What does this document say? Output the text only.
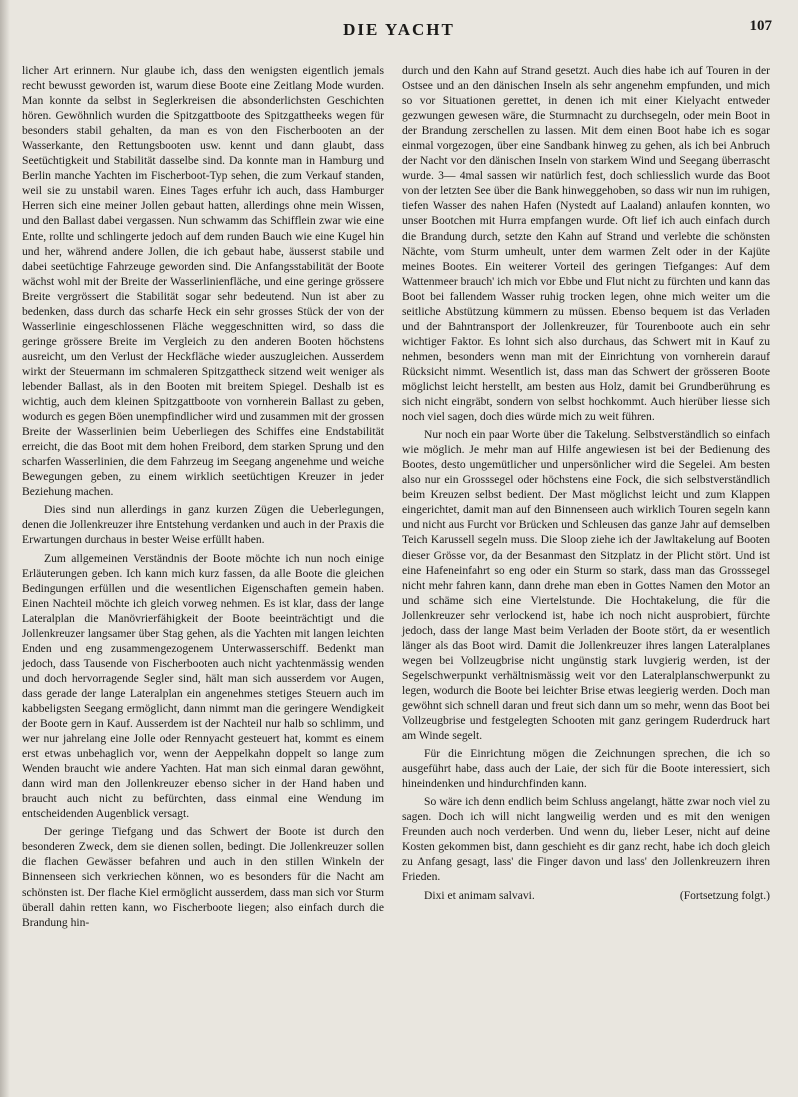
DIE YACHT	107

licher Art erinnern. Nur glaube ich, dass den wenigsten eigentlich jemals recht bewusst geworden ist, warum diese Boote eine Zeitlang Mode wurden. Man konnte da selbst in Seglerkreisen die absonderlichsten Geschichten hören. Gewöhnlich wurden die Spitzgattboote des Spitzgattheeks wegen für besonders stabil gehalten, da man es von den Fischerbooten an der Wasserkante, den Rettungsbooten usw. kennt und dann glaubt, dass Seetüchtigkeit und Stabilität dasselbe sind. Da konnte man in Hamburg und Berlin manche Yachten im Fischerboot-Typ sehen, die zum Verkauf standen, weil sie zu unstabil waren. Eines Tages erfuhr ich auch, dass Hamburger Herren sich eine meiner Jollen gebaut hatten, allerdings ohne mein Wissen, und den Ballast dabei vergassen. Nun schwamm das Schifflein zwar wie eine Ente, rollte und schlingerte jedoch auf dem runden Bauch wie eine Kugel hin und her, während andere Jollen, die ich gebaut habe, äusserst stabile und dabei seetüchtige Fahrzeuge geworden sind. Die Anfangsstabilität der Boote wächst wohl mit der Breite der Wasserlinienfläche, und eine geringe grössere Breite vergrössert die Stabilität sogar sehr bedeutend. Nun ist aber zu bedenken, dass durch das scharfe Heck ein sehr grosses Stück der von der Wasserlinie eingeschlossenen Fläche weggeschnitten wird, so dass die geringe grössere Breite im Vergleich zu den anderen Booten höchstens ausreicht, um den Verlust der Heckfläche wieder auszugleichen. Ausserdem wirkt der Steuermann im schmaleren Spitzgattheck sitzend weit weniger als lebender Ballast, als in den Booten mit breitem Spiegel. Deshalb ist es wichtig, auch dem kleinen Spitzgattboote von vornherein Ballast zu geben, wodurch es gegen Böen unempfindlicher wird und zusammen mit der grossen Breite der Wasserlinien beim Ueberliegen des Schiffes eine Endstabilität erreicht, die das Boot mit dem hohen Freibord, dem starken Sprung und den scharfen Wasserlinien, die dem Fahrzeug im Seegang angenehme und weiche Bewegungen geben, zu einem wirklich seetüchtigen Kreuzer in jeder Beziehung machen.

Dies sind nun allerdings in ganz kurzen Zügen die Ueberlegungen, denen die Jollenkreuzer ihre Entstehung verdanken und auch in der Praxis die Erwartungen durchaus in bester Weise erfüllt haben.

Zum allgemeinen Verständnis der Boote möchte ich nun noch einige Erläuterungen geben. Ich kann mich kurz fassen, da alle Boote die gleichen Bedingungen erfüllen und die wesentlichen Eigenschaften gemein haben. Einen Nachteil möchte ich gleich vorweg nehmen. Es ist klar, dass der lange Lateralplan die Manövrierfähigkeit der Boote beeinträchtigt und die Jollenkreuzer langsamer über Stag gehen, als die Yachten mit langen leichten Enden und eng zusammengezogenem Unterwasserschiff. Bedenkt man jedoch, dass Tausende von Fischerbooten auch nicht yachtenmässig wenden und doch hervorragende Segler sind, hält man sich ausserdem vor Augen, dass gerade der lange Lateralplan ein angenehmes stetiges Steuern auch im kabbeligsten Seegang ermöglicht, dann nimmt man die geringere Wendigkeit der Boote gern in Kauf. Ausserdem ist der Nachteil nur halb so schlimm, und wer nur jahrelang eine Jolle oder Rennyacht gesteuert hat, kommt es einem erst etwas unbehaglich vor, wenn der Aeppelkahn doppelt so lange zum Wenden braucht wie andere Yachten. Hat man sich einmal daran gewöhnt, dann wird man den Jollenkreuzer ebenso sicher in der Hand haben und braucht auch nicht zu befürchten, dass einmal eine Wendung im entscheidenden Augenblick versagt.

Der geringe Tiefgang und das Schwert der Boote ist durch den besonderen Zweck, dem sie dienen sollen, bedingt. Die Jollenkreuzer sollen die flachen Gewässer befahren und auch in den stillen Winkeln der Binnenseen sich verkriechen können, wo es besonders für die Nacht am schönsten ist. Der flache Kiel ermöglicht ausserdem, dass man sich vor Sturm überall dahin retten kann, wo Fischerboote liegen; also einfach durch die Brandung hin-

durch und den Kahn auf Strand gesetzt. Auch dies habe ich auf Touren in der Ostsee und an den dänischen Inseln als sehr angenehm empfunden, und mich so vor Situationen gerettet, in denen ich mit einer Kielyacht entweder gezwungen gewesen wäre, die Sturmnacht zu durchsegeln, oder mein Boot in der Brandung zerschellen zu lassen. Mit dem einen Boot habe ich es sogar einmal vorgezogen, über eine Sandbank hinweg zu gehen, als ich bei Anbruch der Nacht vor den dänischen Inseln von starkem Wind und Seegang überrascht wurde. 3— 4mal sassen wir natürlich fest, doch schliesslich wurde das Boot von der letzten See über die Bank hinweggehoben, so dass wir nun im ruhigen, tiefen Wasser des nahen Hafen (Nystedt auf Laaland) anlaufen konnten, wo unser Bootchen mit Hurra empfangen wurde. Oft lief ich auch einfach durch die Brandung durch, setzte den Kahn auf Strand und verlebte die schönsten Nächte, vom Sturm umheult, unter dem warmen Zelt oder in der Kajüte meines Bootes. Ein weiterer Vorteil des geringen Tiefganges: Auf dem Wattenmeer brauch' ich mich vor Ebbe und Flut nicht zu fürchten und kann das Boot bei fallendem Wasser ruhig trocken legen, ohne mich weiter um die seitliche Abstützung kümmern zu müssen. Ebenso bequem ist das Verladen und der Bahntransport der Jollenkreuzer, für Tourenboote auch ein sehr wichtiger Faktor. Es lohnt sich also durchaus, das Schwert mit in Kauf zu nehmen, besonders wenn man mit der Einrichtung von vornherein darauf Rücksicht nimmt. Wesentlich ist, dass man das Schwert der grösseren Boote möglichst leicht herstellt, am besten aus Holz, damit bei Grundberührung es sich nicht eingräbt, sondern von selbst hochkommt. Auch hierüber liesse sich noch viel sagen, doch dies würde mich zu weit führen.

Nur noch ein paar Worte über die Takelung. Selbstverständlich so einfach wie möglich. Je mehr man auf Hilfe angewiesen ist bei der Bedienung des Bootes, desto ungemütlicher und unpersönlicher wird die Segelei. Am besten also nur ein Grosssegel oder höchstens eine Fock, die sich selbstverständlich beim Kreuzen selbst bedient. Der Mast möglichst leicht und zum Klappen eingerichtet, damit man auf den Binnenseen auch wirklich Touren segeln kann und nicht aus Furcht vor Brücken und Schleusen das ganze Jahr auf demselben Teich Karussell segeln muss. Die Sloop ziehe ich der Jawltakelung auf Booten dieser Grösse vor, da der Besanmast den Sitzplatz in der Plicht stört. Und ist eine Hafeneinfahrt so eng oder ein Sturm so stark, dass man das Grosssegel nicht mehr fahren kann, dann drehe man eben in Gottes Namen den Motor an und schäme sich eine Viertelstunde. Die Hochtakelung, die für die Jollenkreuzer sehr verlockend ist, habe ich noch nicht ausprobiert, fürchte jedoch, dass der lange Mast beim Verladen der Boote stört, da er wesentlich länger als das Boot wird. Damit die Jollenkreuzer ihres langen Lateralplanes wegen bei Vollzeugbrise nicht ungünstig stark luvgierig werden, ist der Segelschwerpunkt verhältnismässig weit vor den Lateralplanschwerpunkt zu legen, wodurch die Boote bei leichter Brise etwas leegierig werden. Doch man gewöhnt sich schnell daran und freut sich dann um so mehr, wenn das Boot bei Vollzeugbrise und festgelegten Schooten mit ganz geringem Ruderdruck hart am Winde segelt.

Für die Einrichtung mögen die Zeichnungen sprechen, die ich so ausgeführt habe, dass auch der Laie, der sich für die Boote interessiert, sich hineindenken und hindurchfinden kann.

So wäre ich denn endlich beim Schluss angelangt, hätte zwar noch viel zu sagen. Doch ich will nicht langweilig werden und es mit den wenigen Freunden auch noch verderben. Und wenn du, lieber Leser, nicht auf deine Kosten gekommen bist, dann geschieht es dir ganz recht, habe ich doch gleich zu Anfang gesagt, lass' die Finger davon und lass' den Jollenkreuzern ihren Frieden.

Dixi et animam salvavi.	(Fortsetzung folgt.)
